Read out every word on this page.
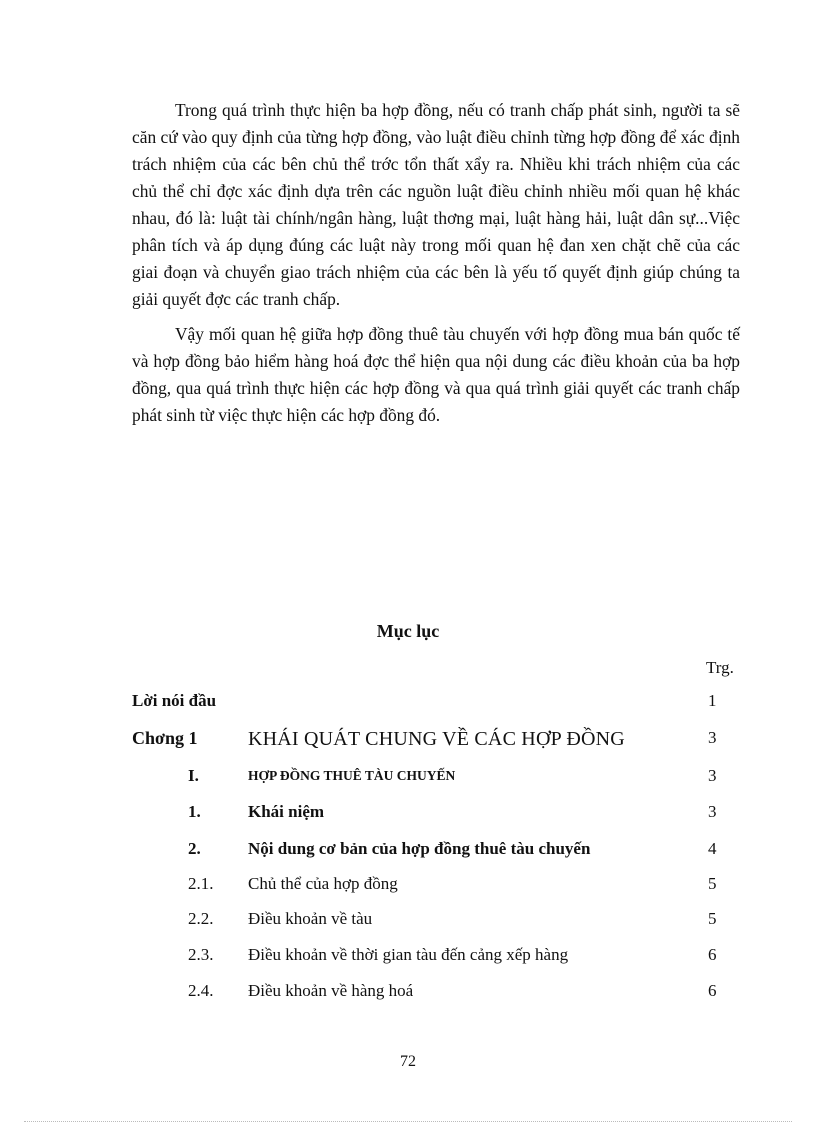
Trong quá trình thực hiện ba hợp đồng, nếu có tranh chấp phát sinh, người ta sẽ căn cứ vào quy định của từng hợp đồng, vào luật điều chỉnh từng hợp đồng để xác định trách nhiệm của các bên chủ thể trớc tổn thất xẩy ra. Nhiều khi trách nhiệm của các chủ thể chỉ đợc xác định dựa trên các nguồn luật điều chỉnh nhiều mối quan hệ khác nhau, đó là: luật tài chính/ngân hàng, luật thơng mại, luật hàng hải, luật dân sự...Việc phân tích và áp dụng đúng các luật này trong mối quan hệ đan xen chặt chẽ của các giai đoạn và chuyển giao trách nhiệm của các bên là yếu tố quyết định giúp chúng ta giải quyết đợc các tranh chấp.

Vậy mối quan hệ giữa hợp đồng thuê tàu chuyến với hợp đồng mua bán quốc tế và hợp đồng bảo hiểm hàng hoá đợc thể hiện qua nội dung các điều khoản của ba hợp đồng, qua quá trình thực hiện các hợp đồng và qua quá trình giải quyết các tranh chấp phát sinh từ việc thực hiện các hợp đồng đó.

Mục lục
Trg.
Lời nói đầu	1
Chơng 1	KHÁI QUÁT CHUNG VỀ CÁC HỢP ĐỒNG	3
I.	HỢP ĐỒNG THUÊ TÀU CHUYẾN	3
1.	Khái niệm	3
2.	Nội dung cơ bản của hợp đồng thuê tàu chuyến	4
2.1. Chủ thể của hợp đồng	5
2.2. Điều khoản về tàu	5
2.3. Điều khoản về thời gian tàu đến cảng xếp hàng	6
2.4. Điều khoản về hàng hoá	6
72
